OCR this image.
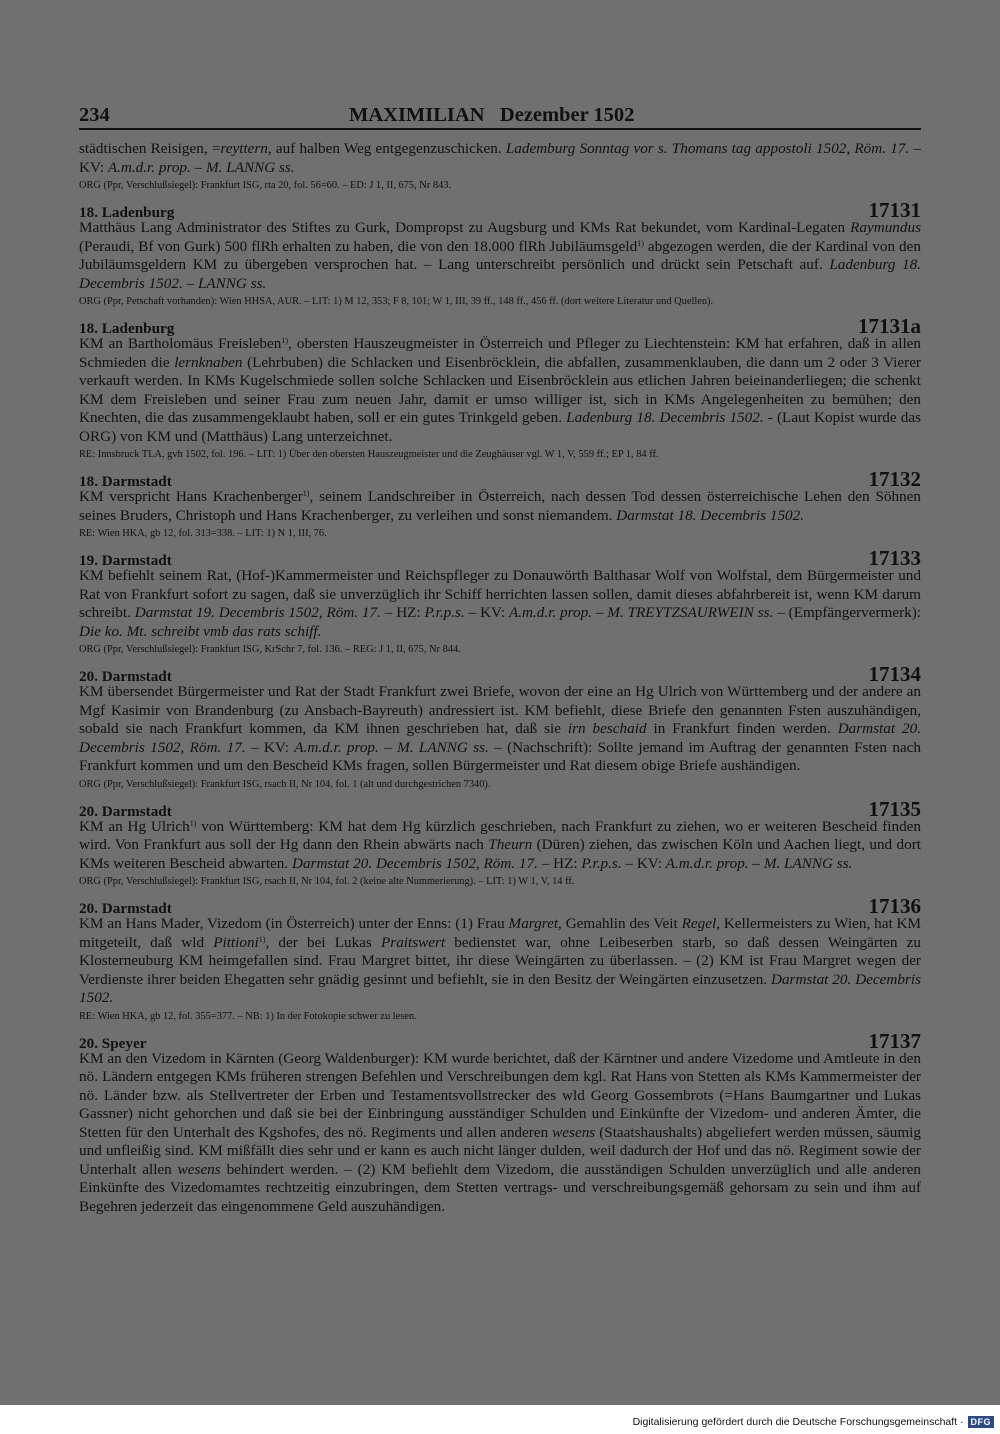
234	MAXIMILIAN   Dezember 1502

städtischen Reisigen, =reyttern, auf halben Weg entgegenzuschicken. Lademburg Sonntag vor s. Thomans tag appostoli 1502, Röm. 17. – KV: A.m.d.r. prop. – M. LANNG ss.

ORG (Ppr, Verschlußsiegel): Frankfurt ISG, rta 20, fol. 56=60. – ED: J 1, II, 675, Nr 843.
18. Ladenburg	17131

Matthäus Lang Administrator des Stiftes zu Gurk, Dompropst zu Augsburg und KMs Rat bekundet, vom Kardinal-Legaten Raymundus (Peraudi, Bf von Gurk) 500 flRh erhalten zu haben, die von den 18.000 flRh Jubiläumsgeld$^{1)}$ abgezogen werden, die der Kardinal von den Jubiläumsgeldern KM zu übergeben versprochen hat. – Lang unterschreibt persönlich und drückt sein Petschaft auf. Ladenburg 18. Decembris 1502. – LANNG ss.

ORG (Ppr, Petschaft vorhanden): Wien HHSA, AUR. – LIT: 1) M 12, 353; F 8, 101; W 1, III, 39 ff., 148 ff., 456 ff. (dort weitere Literatur und Quellen).
18. Ladenburg	17131a

KM an Bartholomäus Freisleben$^{1)}$, obersten Hauszeugmeister in Österreich und Pfleger zu Liechtenstein: KM hat erfahren, daß in allen Schmieden die lernknaben (Lehrbuben) die Schlacken und Eisenbröcklein, die abfallen, zusammenklauben, die dann um 2 oder 3 Vierer verkauft werden. In KMs Kugelschmiede sollen solche Schlacken und Eisenbröcklein aus etlichen Jahren beieinanderliegen; die schenkt KM dem Freisleben und seiner Frau zum neuen Jahr, damit er umso williger ist, sich in KMs Angelegenheiten zu bemühen; den Knechten, die das zusammengeklaubt haben, soll er ein gutes Trinkgeld geben. Ladenburg 18. Decembris 1502. - (Laut Kopist wurde das ORG) von KM und (Matthäus) Lang unterzeichnet.

RE: Innsbruck TLA, gvh 1502, fol. 196. – LIT: 1) Über den obersten Hauszeugmeister und die Zeughäuser vgl. W 1, V, 559 ff.; EP 1, 84 ff.
18. Darmstadt	17132

KM verspricht Hans Krachenberger$^{1)}$, seinem Landschreiber in Österreich, nach dessen Tod dessen österreichische Lehen den Söhnen seines Bruders, Christoph und Hans Krachenberger, zu verleihen und sonst niemandem. Darmstat 18. Decembris 1502.

RE: Wien HKA, gb 12, fol. 313=338. – LIT: 1) N 1, III, 76.
19. Darmstadt	17133

KM befiehlt seinem Rat, (Hof-)Kammermeister und Reichspfleger zu Donauwörth Balthasar Wolf von Wolfstal, dem Bürgermeister und Rat von Frankfurt sofort zu sagen, daß sie unverzüglich ihr Schiff herrichten lassen sollen, damit dieses abfahrbereit ist, wenn KM darum schreibt. Darmstat 19. Decembris 1502, Röm. 17. – HZ: P.r.p.s. – KV: A.m.d.r. prop. – M. TREYTZSAURWEIN ss. – (Empfängervermerk): Die ko. Mt. schreibt vmb das rats schiff.

ORG (Ppr, Verschlußsiegel): Frankfurt ISG, KrSchr 7, fol. 136. – REG: J 1, II, 675, Nr 844.
20. Darmstadt	17134

KM übersendet Bürgermeister und Rat der Stadt Frankfurt zwei Briefe, wovon der eine an Hg Ulrich von Württemberg und der andere an Mgf Kasimir von Brandenburg (zu Ansbach-Bayreuth) andressiert ist. KM befiehlt, diese Briefe den genannten Fsten auszuhändigen, sobald sie nach Frankfurt kommen, da KM ihnen geschrieben hat, daß sie irn beschaid in Frankfurt finden werden. Darmstat 20. Decembris 1502, Röm. 17. – KV: A.m.d.r. prop. – M. LANNG ss. – (Nachschrift): Sollte jemand im Auftrag der genannten Fsten nach Frankfurt kommen und um den Bescheid KMs fragen, sollen Bürgermeister und Rat diesem obige Briefe aushändigen.

ORG (Ppr, Verschlußsiegel): Frankfurt ISG, rsach II, Nr 104, fol. 1 (alt und durchgestrichen 7340).
20. Darmstadt	17135

KM an Hg Ulrich$^{1)}$ von Württemberg: KM hat dem Hg kürzlich geschrieben, nach Frankfurt zu ziehen, wo er weiteren Bescheid finden wird. Von Frankfurt aus soll der Hg dann den Rhein abwärts nach Theurn (Düren) ziehen, das zwischen Köln und Aachen liegt, und dort KMs weiteren Bescheid abwarten. Darmstat 20. Decembris 1502, Röm. 17. – HZ: P.r.p.s. – KV: A.m.d.r. prop. – M. LANNG ss.

ORG (Ppr, Verschlußsiegel): Frankfurt ISG, rsach II, Nr 104, fol. 2 (keine alte Nummerierung). – LIT: 1) W 1, V, 14 ff.
20. Darmstadt	17136

KM an Hans Mader, Vizedom (in Österreich) unter der Enns: (1) Frau Margret, Gemahlin des Veit Regel, Kellermeisters zu Wien, hat KM mitgeteilt, daß wld Pittioni$^{1)}$, der bei Lukas Praitswert bedienstet war, ohne Leibeserben starb, so daß dessen Weingärten zu Klosterneuburg KM heimgefallen sind. Frau Margret bittet, ihr diese Weingärten zu überlassen. – (2) KM ist Frau Margret wegen der Verdienste ihrer beiden Ehegatten sehr gnädig gesinnt und befiehlt, sie in den Besitz der Weingärten einzusetzen. Darmstat 20. Decembris 1502.

RE: Wien HKA, gb 12, fol. 355=377. – NB: 1) In der Fotokopie schwer zu lesen.
20. Speyer	17137

KM an den Vizedom in Kärnten (Georg Waldenburger): KM wurde berichtet, daß der Kärntner und andere Vizedome und Amtleute in den nö. Ländern entgegen KMs früheren strengen Befehlen und Verschreibungen dem kgl. Rat Hans von Stetten als KMs Kammermeister der nö. Länder bzw. als Stellvertreter der Erben und Testamentsvollstrecker des wld Georg Gossembrots (=Hans Baumgartner und Lukas Gassner) nicht gehorchen und daß sie bei der Einbringung ausständiger Schulden und Einkünfte der Vizedom- und anderen Ämter, die Stetten für den Unterhalt des Kgshofes, des nö. Regiments und allen anderen wesens (Staatshaushalts) abgeliefert werden müssen, säumig und unfleißig sind. KM mißfällt dies sehr und er kann es auch nicht länger dulden, weil dadurch der Hof und das nö. Regiment sowie der Unterhalt allen wesens behindert werden. – (2) KM befiehlt dem Vizedom, die ausständigen Schulden unverzüglich und alle anderen Einkünfte des Vizedomamtes rechtzeitig einzubringen, dem Stetten vertrags- und verschreibungsgemäß gehorsam zu sein und ihm auf Begehren jederzeit das eingenommene Geld auszuhändigen.

Digitalisierung gefördert durch die Deutsche Forschungsgemeinschaft · DFG
